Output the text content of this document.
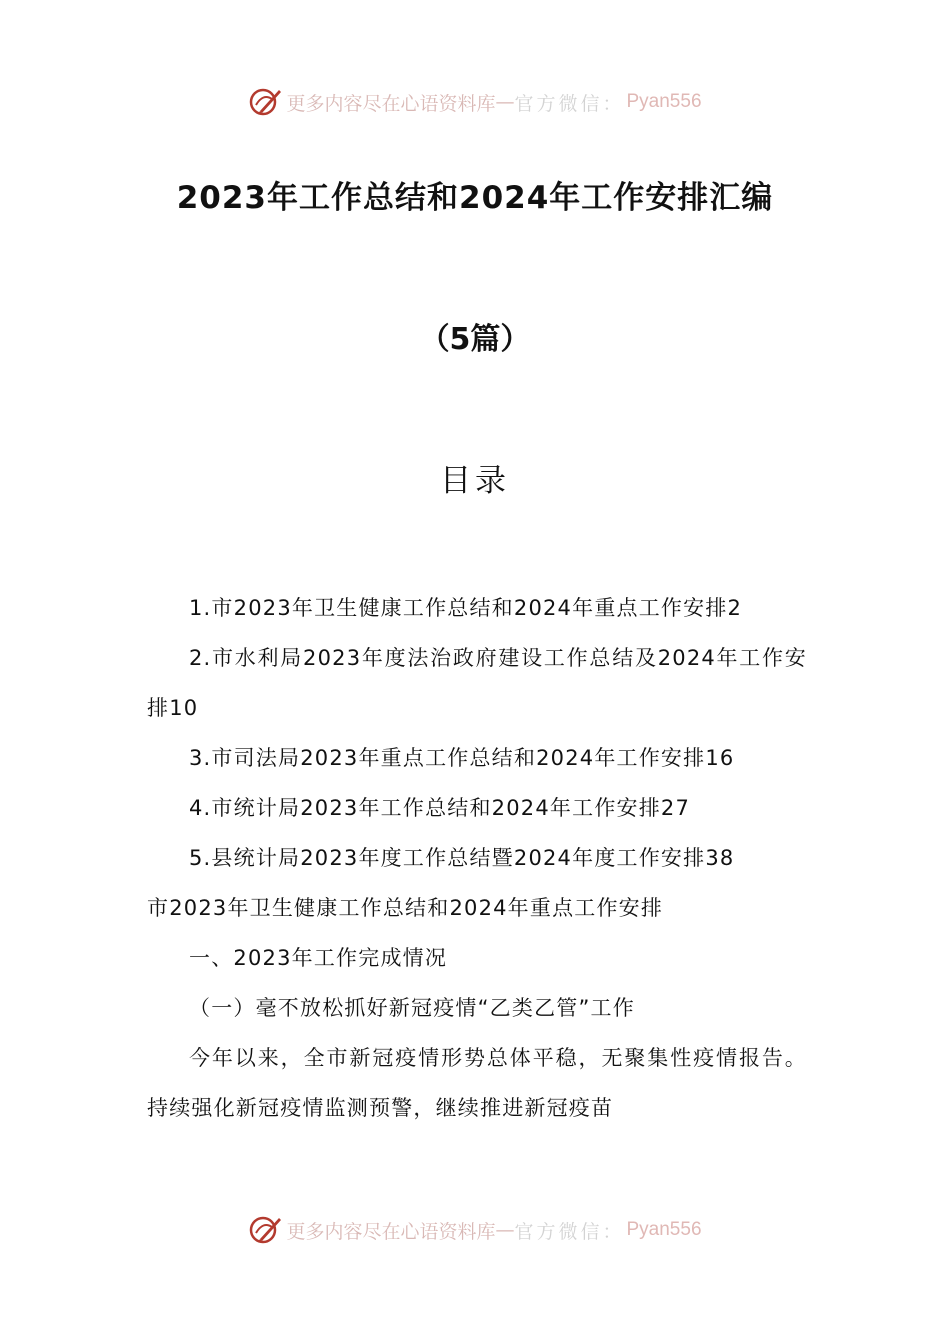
更多内容尽在心语资料库 — 官方微信： Pyan556
2023年工作总结和2024年工作安排汇编
（5篇）
目录

1.市2023年卫生健康工作总结和2024年重点工作安排2

2.市水利局2023年度法治政府建设工作总结及2024年工作安排10

3.市司法局2023年重点工作总结和2024年工作安排16

4.市统计局2023年工作总结和2024年工作安排27

5.县统计局2023年度工作总结暨2024年度工作安排38

市2023年卫生健康工作总结和2024年重点工作安排

一、2023年工作完成情况

（一）毫不放松抓好新冠疫情“乙类乙管”工作

今年以来，全市新冠疫情形势总体平稳，无聚集性疫情报告。持续强化新冠疫情监测预警，继续推进新冠疫苗

更多内容尽在心语资料库 — 官方微信： Pyan556
